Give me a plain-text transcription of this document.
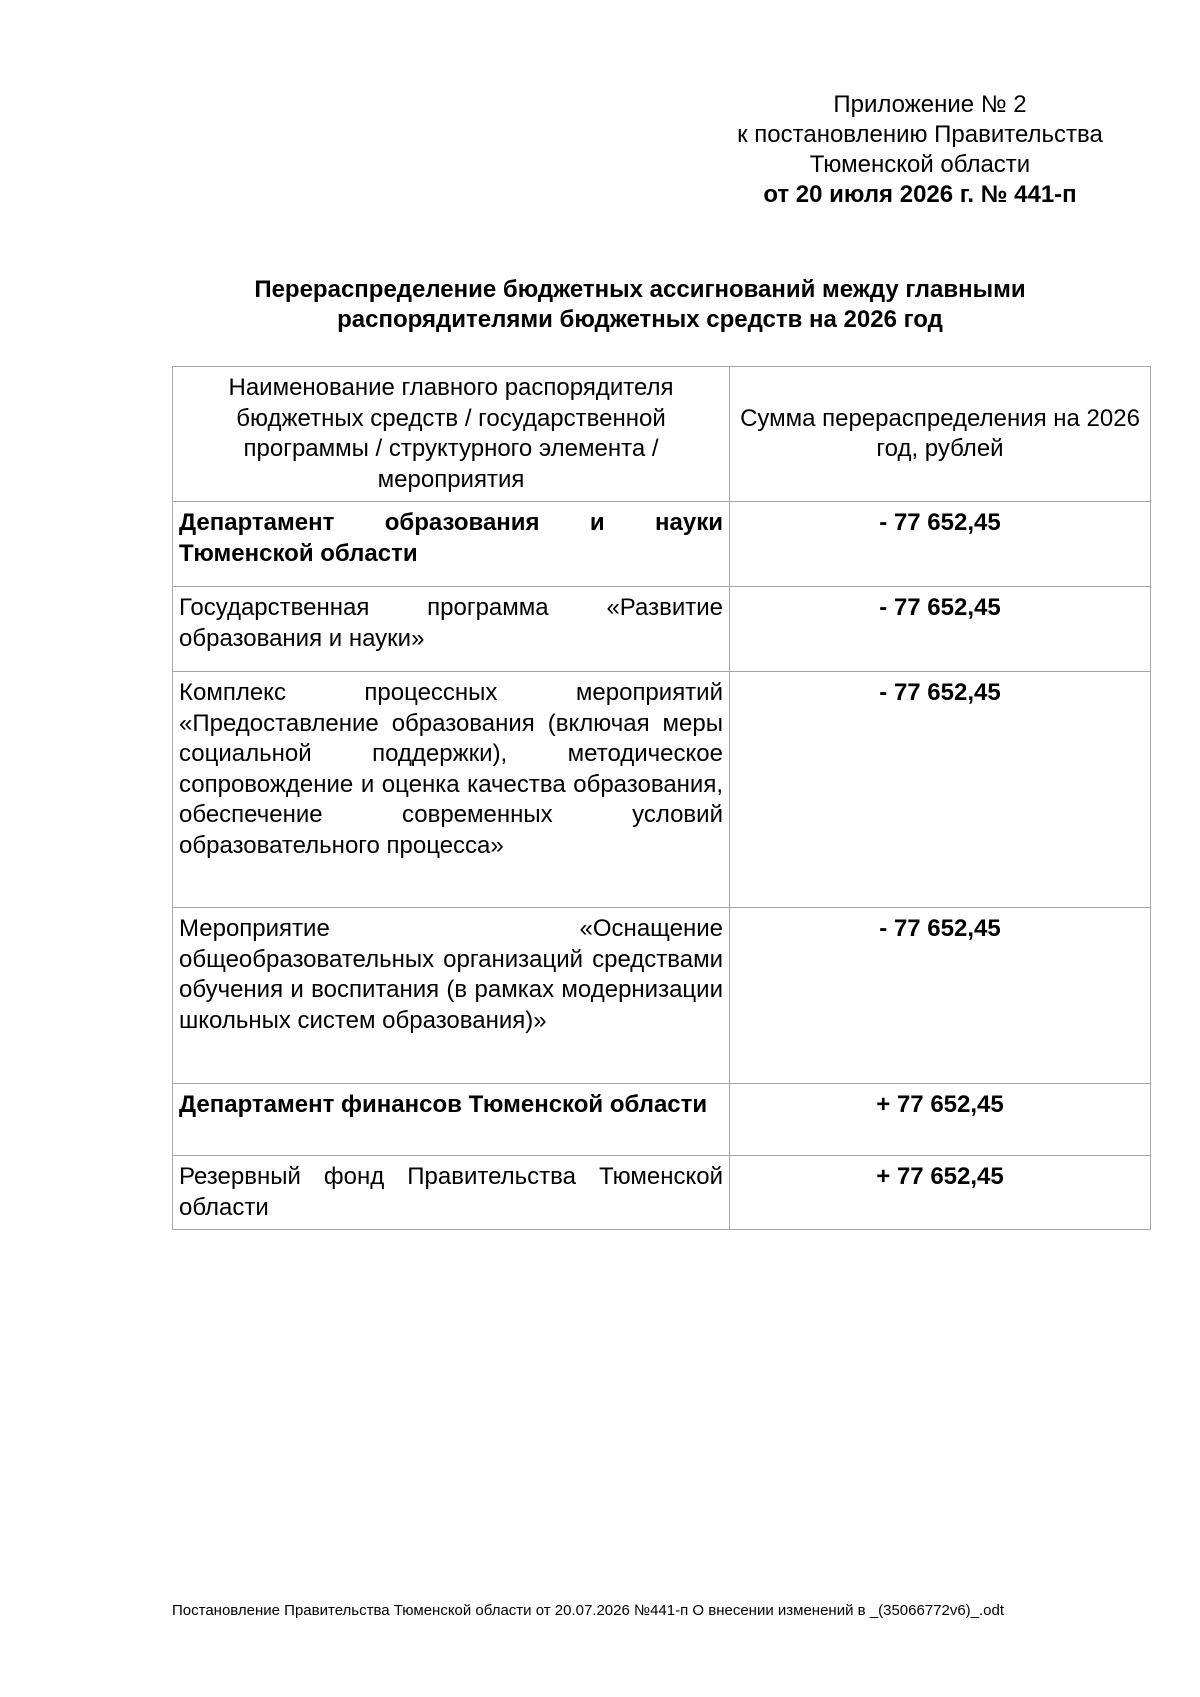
Приложение № 2
к постановлению Правительства
Тюменской области
от 20 июля 2026 г. № 441-п
Перераспределение бюджетных ассигнований между главными
распорядителями бюджетных средств на 2026 год
Наименование главного распорядителя бюджетных средств / государственной программы / структурного элемента / мероприятия	Сумма перераспределения на 2026 год, рублей
Департамент образования и науки Тюменской области	- 77 652,45
Государственная программа «Развитие образования и науки»	- 77 652,45
Комплекс процессных мероприятий «Предоставление образования (включая меры социальной поддержки), методическое сопровождение и оценка качества образования, обеспечение современных условий образовательного процесса»	- 77 652,45
Мероприятие «Оснащение общеобразовательных организаций средствами обучения и воспитания (в рамках модернизации школьных систем образования)»	- 77 652,45
Департамент финансов Тюменской области	+ 77 652,45
Резервный фонд Правительства Тюменской области	+ 77 652,45
Постановление Правительства Тюменской области от 20.07.2026 №441-п О внесении изменений в _(35066772v6)_.odt
